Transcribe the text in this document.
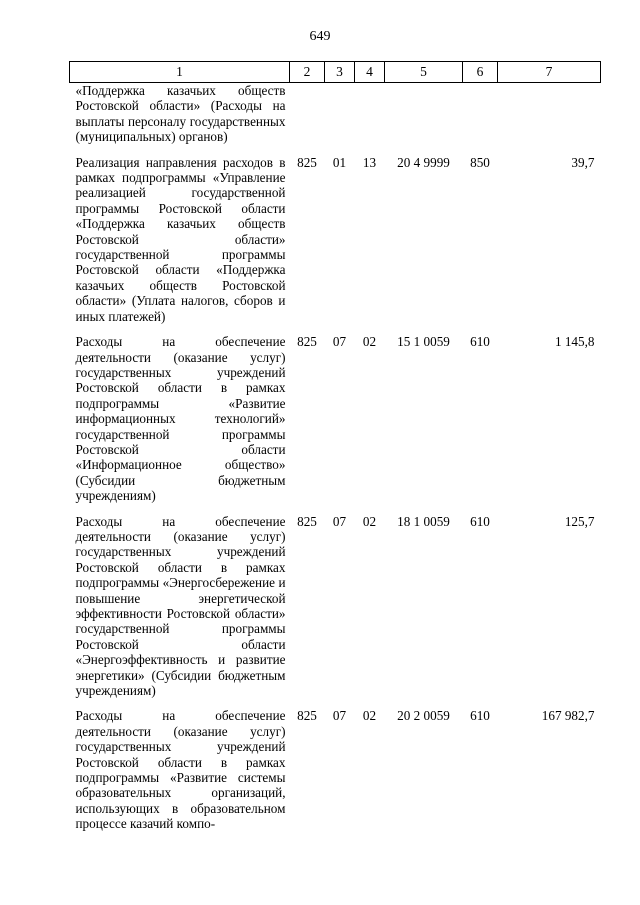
649
1	2	3	4	5	6	7
«Поддержка казачьих обществ Ростовской области» (Расходы на выплаты персоналу государственных (муниципальных) органов)						
Реализация направления расходов в рамках подпрограммы «Управление реализацией государственной программы Ростовской области «Поддержка казачьих обществ Ростовской области» государственной программы Ростовской области «Поддержка казачьих обществ Ростовской области» (Уплата налогов, сборов и иных платежей)	825	01	13	20 4 9999	850	39,7
Расходы на обеспечение деятельности (оказание услуг) государственных учреждений Ростовской области в рамках подпрограммы «Развитие информационных технологий» государственной программы Ростовской области «Информационное общество» (Субсидии бюджетным учреждениям)	825	07	02	15 1 0059	610	1 145,8
Расходы на обеспечение деятельности (оказание услуг) государственных учреждений Ростовской области в рамках подпрограммы «Энергосбережение и повышение энергетической эффективности Ростовской области» государственной программы Ростовской области «Энергоэффективность и развитие энергетики» (Субсидии бюджетным учреждениям)	825	07	02	18 1 0059	610	125,7
Расходы на обеспечение деятельности (оказание услуг) государственных учреждений Ростовской области в рамках подпрограммы «Развитие системы образовательных организаций, использующих в образовательном процессе казачий компо-	825	07	02	20 2 0059	610	167 982,7
